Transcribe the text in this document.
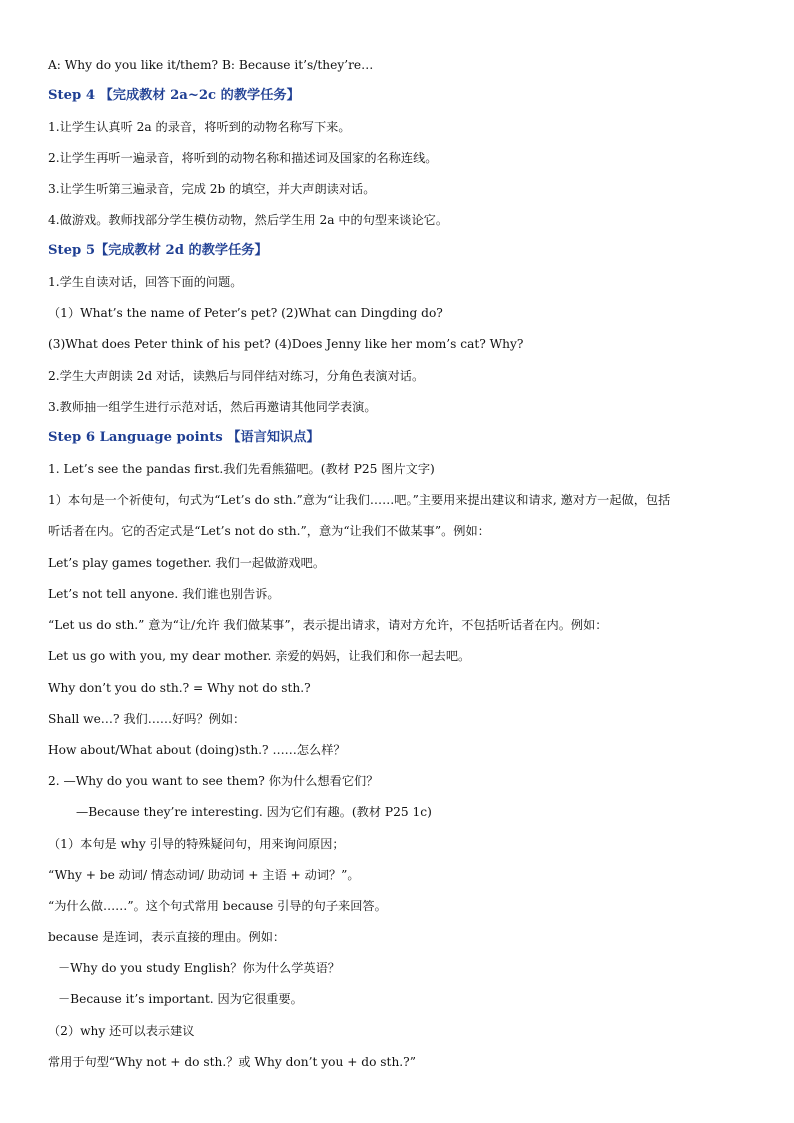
A: Why do you like it/them? B: Because it’s/they’re…
Step 4 【完成教材 2a~2c 的教学任务】
1.让学生认真听 2a 的录音，将听到的动物名称写下来。
2.让学生再听一遍录音，将听到的动物名称和描述词及国家的名称连线。
3.让学生听第三遍录音，完成 2b 的填空，并大声朗读对话。
4.做游戏。教师找部分学生模仿动物，然后学生用 2a 中的句型来谈论它。
Step 5【完成教材 2d 的教学任务】
1.学生自读对话，回答下面的问题。
（1）What’s the name of Peter’s pet? (2)What can Dingding do?
(3)What does Peter think of his pet? (4)Does Jenny like her mom’s cat? Why?
2.学生大声朗读 2d 对话，读熟后与同伴结对练习，分角色表演对话。
3.教师抽一组学生进行示范对话，然后再邀请其他同学表演。
Step 6 Language points 【语言知识点】
1. Let’s see the pandas first.我们先看熊猫吧。(教材 P25 图片文字)
1）本句是一个祈使句，句式为“Let’s do sth.”意为“让我们……吧。”主要用来提出建议和请求, 邀对方一起做，包括
听话者在内。它的否定式是“Let’s not do sth.”，意为“让我们不做某事”。例如：
Let’s play games together. 我们一起做游戏吧。
Let’s not tell anyone. 我们谁也别告诉。
“Let us do sth.” 意为“让/允许 我们做某事”，表示提出请求，请对方允许，不包括听话者在内。例如：
Let us go with you, my dear mother. 亲爱的妈妈，让我们和你一起去吧。
Why don’t you do sth.? = Why not do sth.?
Shall we…? 我们……好吗？例如：
How about/What about (doing)sth.? ……怎么样？
2. —Why do you want to see them? 你为什么想看它们？
—Because they’re interesting. 因为它们有趣。(教材 P25 1c)
（1）本句是 why 引导的特殊疑问句，用来询问原因；
“Why + be 动词/ 情态动词/ 助动词 + 主语 + 动词？”。
“为什么做……”。这个句式常用 because 引导的句子来回答。
because 是连词，表示直接的理由。例如：
－Why do you study English？你为什么学英语？
－Because it’s important. 因为它很重要。
（2）why 还可以表示建议
常用于句型“Why not + do sth.？或 Why don’t you + do sth.?”
